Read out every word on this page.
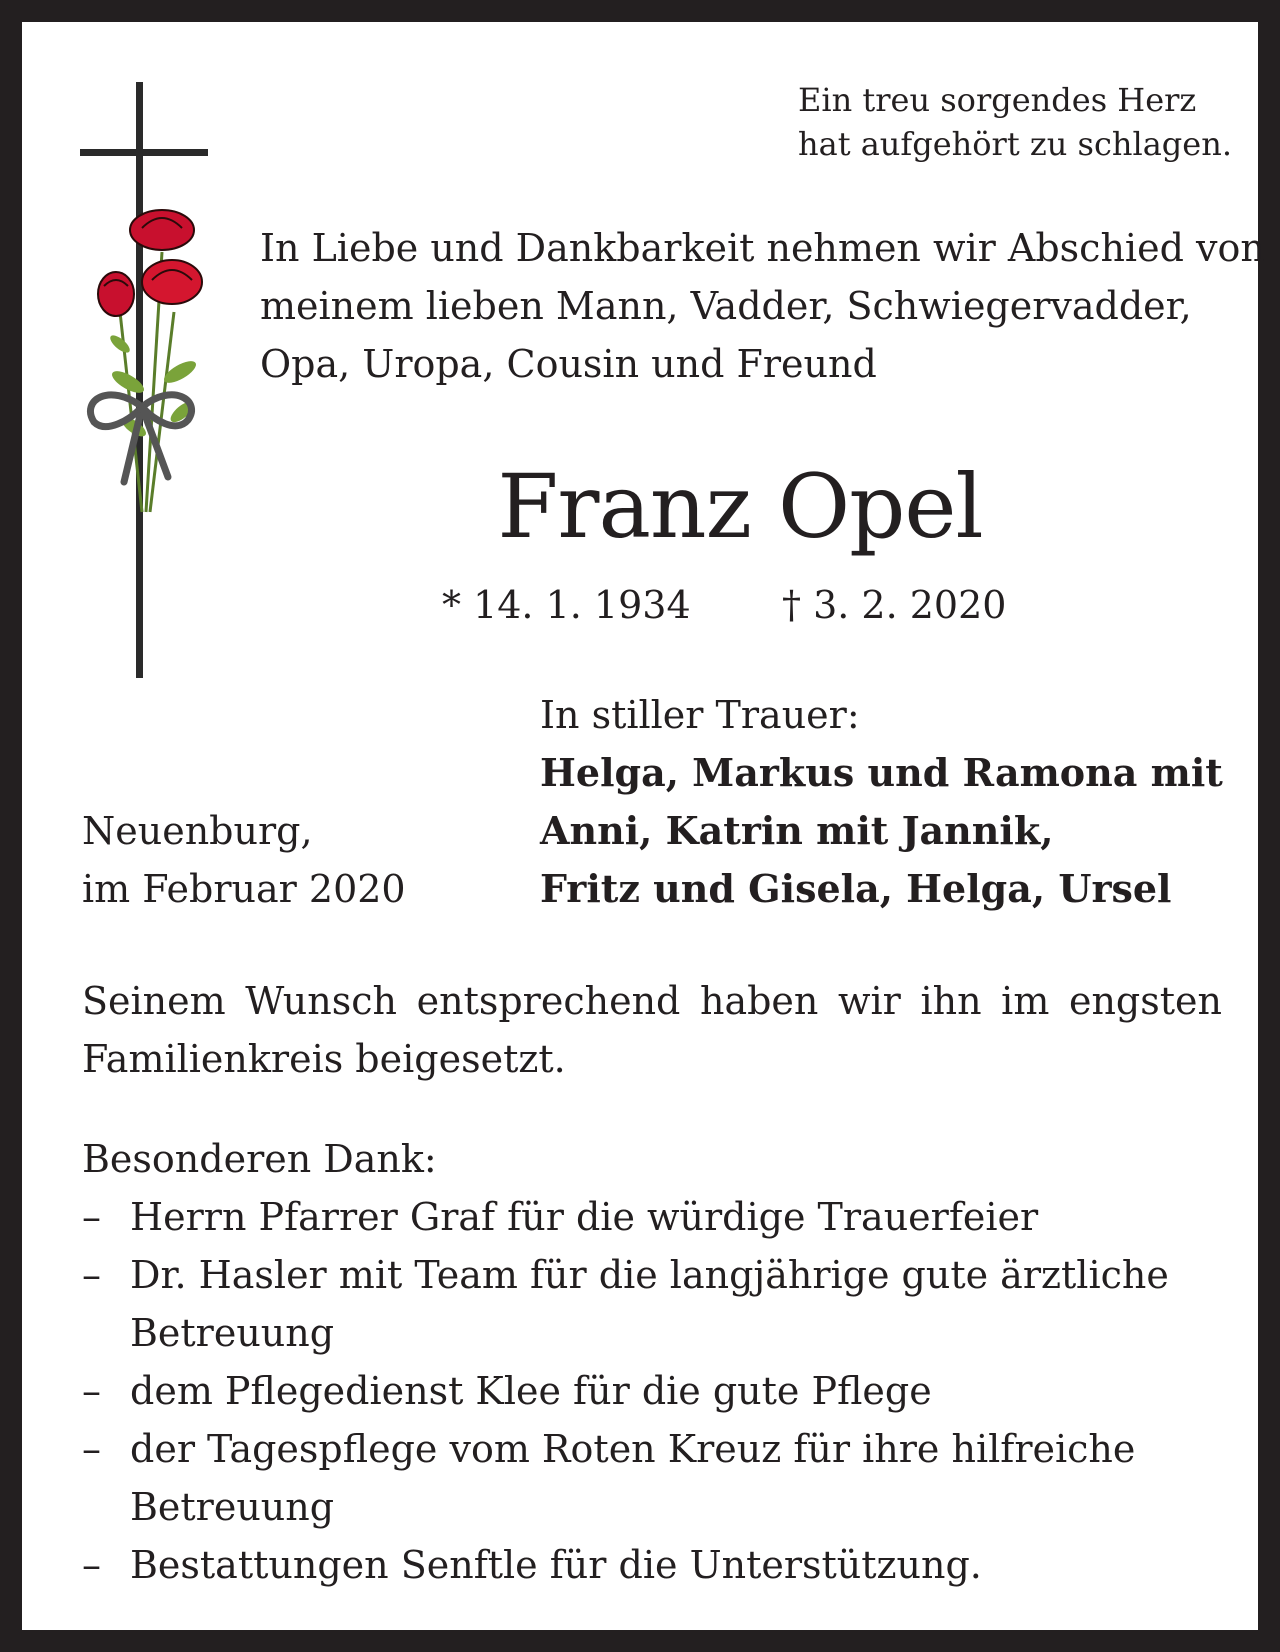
Ein treu sorgendes Herz
hat aufgehört zu schlagen.
In Liebe und Dankbarkeit nehmen wir Abschied von
meinem lieben Mann, Vadder, Schwiegervadder,
Opa, Uropa, Cousin und Freund
Franz Opel
* 14. 1. 1934 † 3. 2. 2020
Neuenburg,
im Februar 2020
In stiller Trauer:
Helga, Markus und Ramona mit
Anni, Katrin mit Jannik,
Fritz und Gisela, Helga, Ursel
Seinem Wunsch entsprechend haben wir ihn im engsten
Familienkreis beigesetzt.
Besonderen Dank:
– Herrn Pfarrer Graf für die würdige Trauerfeier
– Dr. Hasler mit Team für die langjährige gute ärztliche Betreuung
– dem Pflegedienst Klee für die gute Pflege
– der Tagespflege vom Roten Kreuz für ihre hilfreiche Betreuung
– Bestattungen Senftle für die Unterstützung.
